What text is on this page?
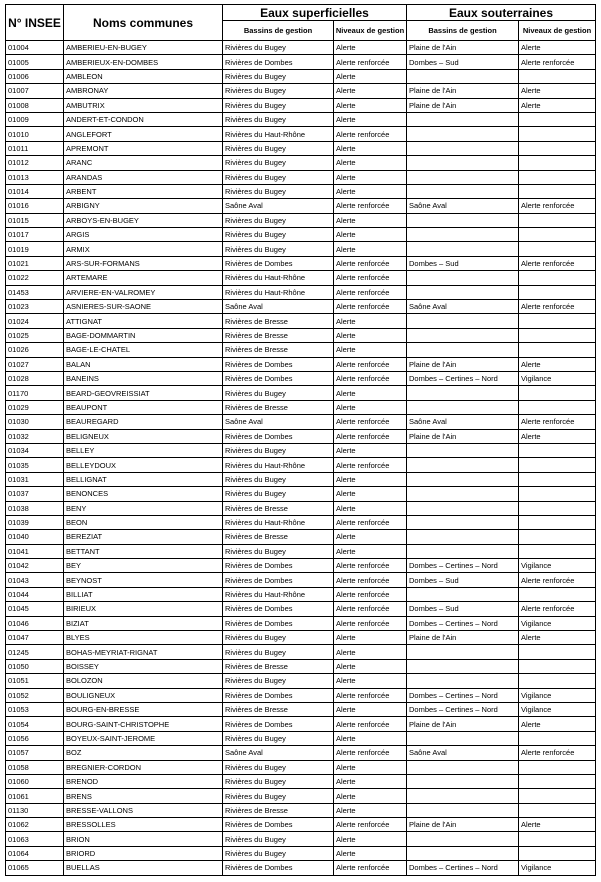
N° INSEE	Noms communes	Eaux superficielles		Eaux souterraines	
		Bassins de gestion	Niveaux de gestion	Bassins de gestion	Niveaux de gestion
01004	AMBERIEU-EN-BUGEY	Rivières du Bugey	Alerte	Plaine de l'Ain	Alerte
01005	AMBERIEUX-EN-DOMBES	Rivières de Dombes	Alerte renforcée	Dombes – Sud	Alerte renforcée
01006	AMBLEON	Rivières du Bugey	Alerte		
01007	AMBRONAY	Rivières du Bugey	Alerte	Plaine de l'Ain	Alerte
01008	AMBUTRIX	Rivières du Bugey	Alerte	Plaine de l'Ain	Alerte
01009	ANDERT-ET-CONDON	Rivières du Bugey	Alerte		
01010	ANGLEFORT	Rivières du Haut-Rhône	Alerte renforcée		
01011	APREMONT	Rivières du Bugey	Alerte		
01012	ARANC	Rivières du Bugey	Alerte		
01013	ARANDAS	Rivières du Bugey	Alerte		
01014	ARBENT	Rivières du Bugey	Alerte		
01016	ARBIGNY	Saône Aval	Alerte renforcée	Saône Aval	Alerte renforcée
01015	ARBOYS-EN-BUGEY	Rivières du Bugey	Alerte		
01017	ARGIS	Rivières du Bugey	Alerte		
01019	ARMIX	Rivières du Bugey	Alerte		
01021	ARS-SUR-FORMANS	Rivières de Dombes	Alerte renforcée	Dombes – Sud	Alerte renforcée
01022	ARTEMARE	Rivières du Haut-Rhône	Alerte renforcée		
01453	ARVIERE-EN-VALROMEY	Rivières du Haut-Rhône	Alerte renforcée		
01023	ASNIERES-SUR-SAONE	Saône Aval	Alerte renforcée	Saône Aval	Alerte renforcée
01024	ATTIGNAT	Rivières de Bresse	Alerte		
01025	BAGE-DOMMARTIN	Rivières de Bresse	Alerte		
01026	BAGE-LE-CHATEL	Rivières de Bresse	Alerte		
01027	BALAN	Rivières de Dombes	Alerte renforcée	Plaine de l'Ain	Alerte
01028	BANEINS	Rivières de Dombes	Alerte renforcée	Dombes – Certines – Nord	Vigilance
01170	BEARD-GEOVREISSIAT	Rivières du Bugey	Alerte		
01029	BEAUPONT	Rivières de Bresse	Alerte		
01030	BEAUREGARD	Saône Aval	Alerte renforcée	Saône Aval	Alerte renforcée
01032	BELIGNEUX	Rivières de Dombes	Alerte renforcée	Plaine de l'Ain	Alerte
01034	BELLEY	Rivières du Bugey	Alerte		
01035	BELLEYDOUX	Rivières du Haut-Rhône	Alerte renforcée		
01031	BELLIGNAT	Rivières du Bugey	Alerte		
01037	BENONCES	Rivières du Bugey	Alerte		
01038	BENY	Rivières de Bresse	Alerte		
01039	BEON	Rivières du Haut-Rhône	Alerte renforcée		
01040	BEREZIAT	Rivières de Bresse	Alerte		
01041	BETTANT	Rivières du Bugey	Alerte		
01042	BEY	Rivières de Dombes	Alerte renforcée	Dombes – Certines – Nord	Vigilance
01043	BEYNOST	Rivières de Dombes	Alerte renforcée	Dombes – Sud	Alerte renforcée
01044	BILLIAT	Rivières du Haut-Rhône	Alerte renforcée		
01045	BIRIEUX	Rivières de Dombes	Alerte renforcée	Dombes – Sud	Alerte renforcée
01046	BIZIAT	Rivières de Dombes	Alerte renforcée	Dombes – Certines – Nord	Vigilance
01047	BLYES	Rivières du Bugey	Alerte	Plaine de l'Ain	Alerte
01245	BOHAS-MEYRIAT-RIGNAT	Rivières du Bugey	Alerte		
01050	BOISSEY	Rivières de Bresse	Alerte		
01051	BOLOZON	Rivières du Bugey	Alerte		
01052	BOULIGNEUX	Rivières de Dombes	Alerte renforcée	Dombes – Certines – Nord	Vigilance
01053	BOURG-EN-BRESSE	Rivières de Bresse	Alerte	Dombes – Certines – Nord	Vigilance
01054	BOURG-SAINT-CHRISTOPHE	Rivières de Dombes	Alerte renforcée	Plaine de l'Ain	Alerte
01056	BOYEUX-SAINT-JEROME	Rivières du Bugey	Alerte		
01057	BOZ	Saône Aval	Alerte renforcée	Saône Aval	Alerte renforcée
01058	BREGNIER-CORDON	Rivières du Bugey	Alerte		
01060	BRENOD	Rivières du Bugey	Alerte		
01061	BRENS	Rivières du Bugey	Alerte		
01130	BRESSE-VALLONS	Rivières de Bresse	Alerte		
01062	BRESSOLLES	Rivières de Dombes	Alerte renforcée	Plaine de l'Ain	Alerte
01063	BRION	Rivières du Bugey	Alerte		
01064	BRIORD	Rivières du Bugey	Alerte		
01065	BUELLAS	Rivières de Dombes	Alerte renforcée	Dombes – Certines – Nord	Vigilance
